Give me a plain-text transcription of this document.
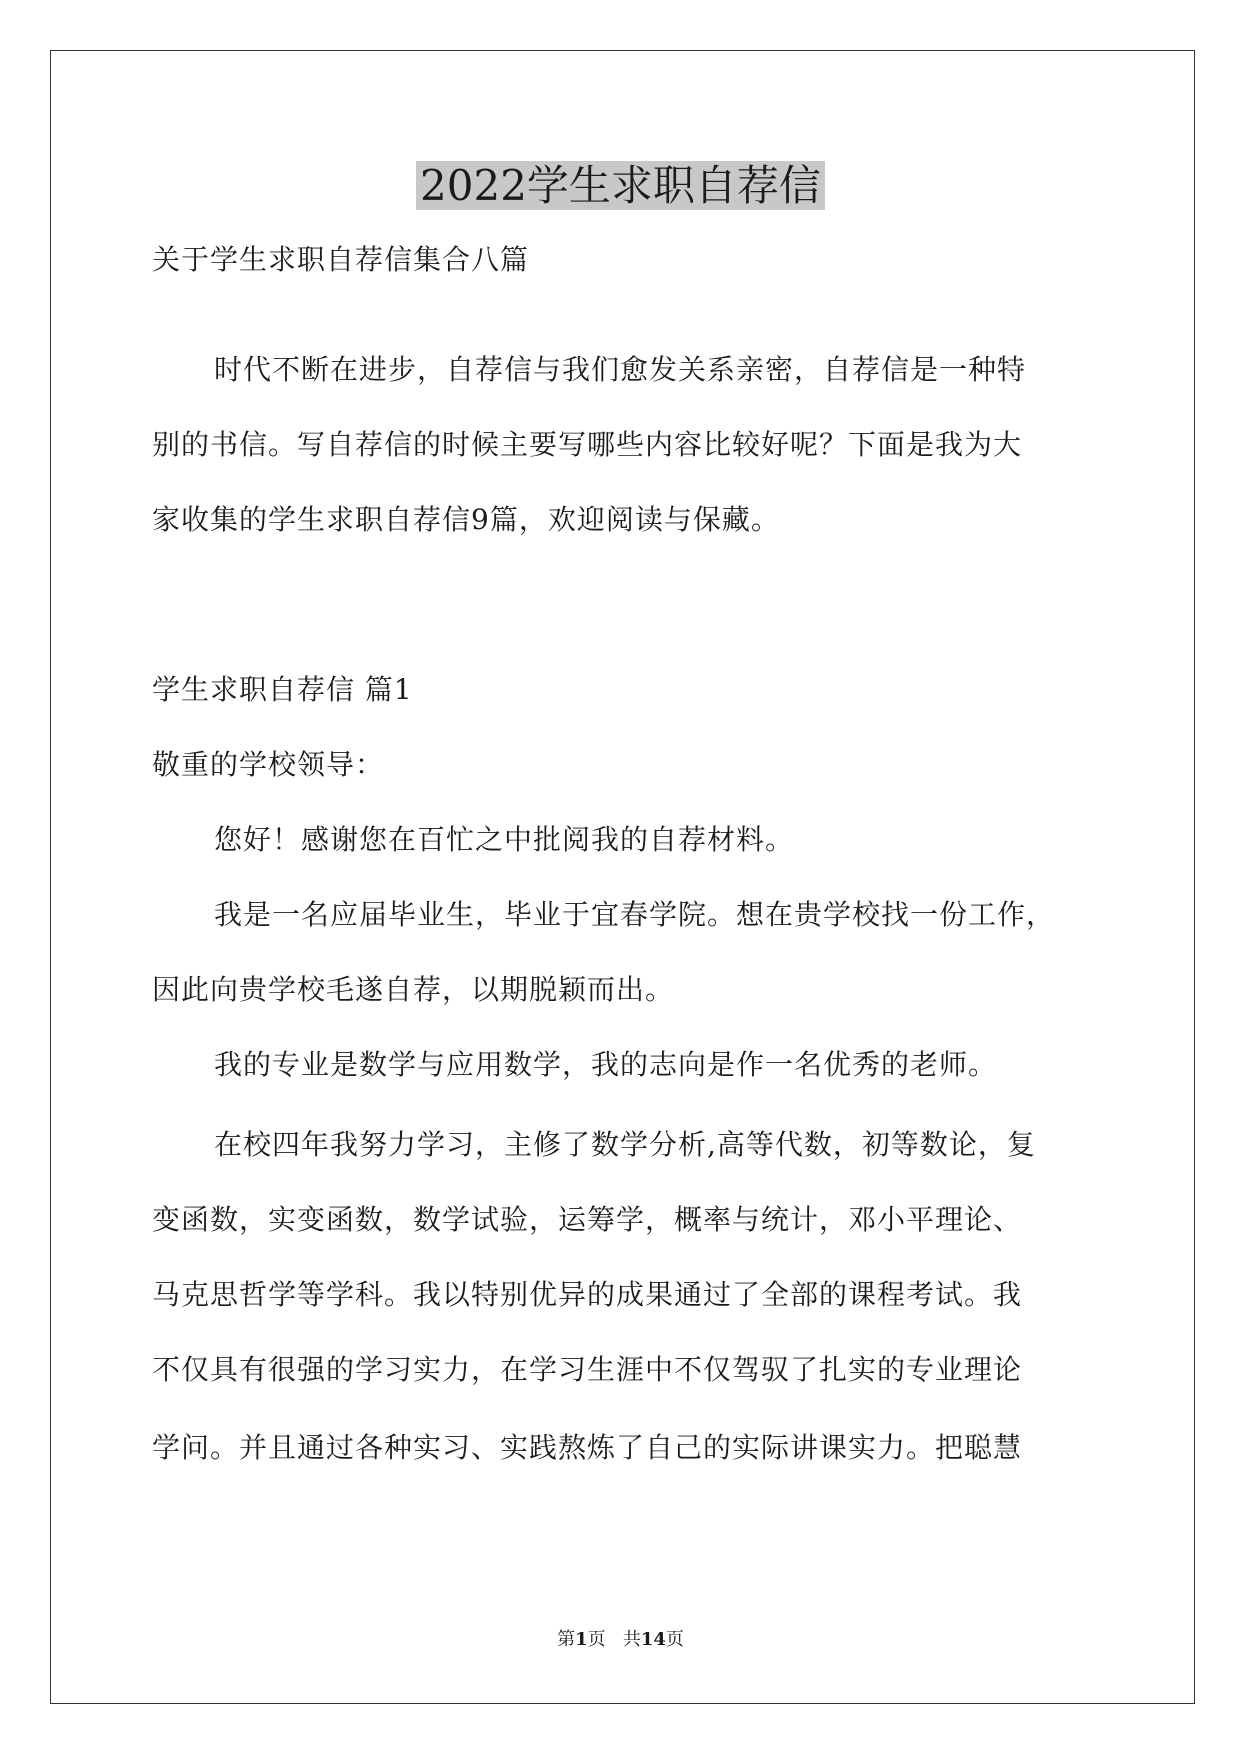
2022学生求职自荐信
关于学生求职自荐信集合八篇
时代不断在进步，自荐信与我们愈发关系亲密，自荐信是一种特
别的书信。写自荐信的时候主要写哪些内容比较好呢？下面是我为大
家收集的学生求职自荐信9篇，欢迎阅读与保藏。
学生求职自荐信 篇1
敬重的学校领导：
您好！感谢您在百忙之中批阅我的自荐材料。
我是一名应届毕业生，毕业于宜春学院。想在贵学校找一份工作，
因此向贵学校毛遂自荐，以期脱颖而出。
我的专业是数学与应用数学，我的志向是作一名优秀的老师。
在校四年我努力学习，主修了数学分析,高等代数，初等数论，复
变函数，实变函数，数学试验，运筹学，概率与统计，邓小平理论、
马克思哲学等学科。我以特别优异的成果通过了全部的课程考试。我
不仅具有很强的学习实力，在学习生涯中不仅驾驭了扎实的专业理论
学问。并且通过各种实习、实践熬炼了自己的实际讲课实力。把聪慧
第1页 共14页
